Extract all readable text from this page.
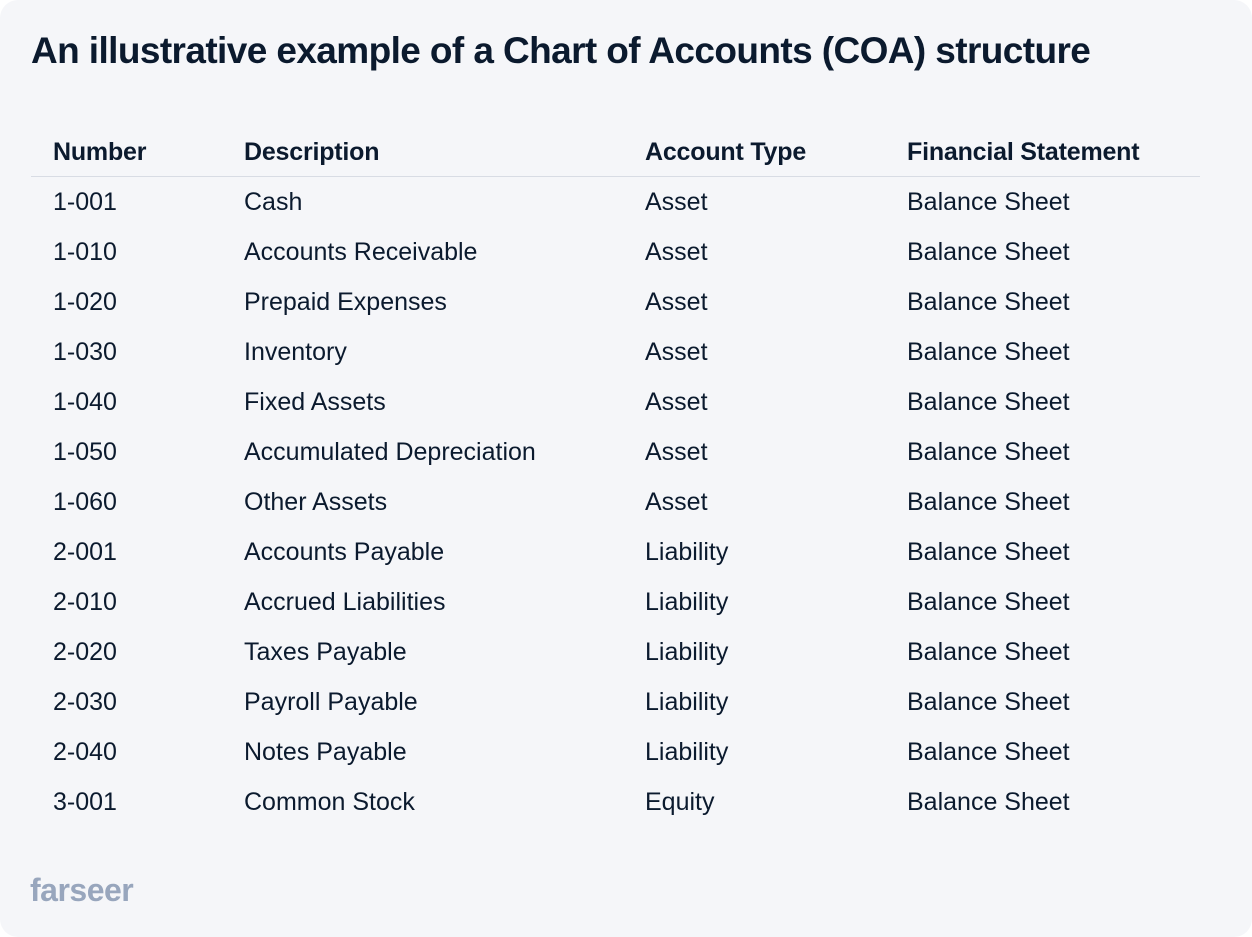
An illustrative example of a Chart of Accounts (COA) structure
Number	Description	Account Type	Financial Statement
1-001	Cash	Asset	Balance Sheet
1-010	Accounts Receivable	Asset	Balance Sheet
1-020	Prepaid Expenses	Asset	Balance Sheet
1-030	Inventory	Asset	Balance Sheet
1-040	Fixed Assets	Asset	Balance Sheet
1-050	Accumulated Depreciation	Asset	Balance Sheet
1-060	Other Assets	Asset	Balance Sheet
2-001	Accounts Payable	Liability	Balance Sheet
2-010	Accrued Liabilities	Liability	Balance Sheet
2-020	Taxes Payable	Liability	Balance Sheet
2-030	Payroll Payable	Liability	Balance Sheet
2-040	Notes Payable	Liability	Balance Sheet
3-001	Common Stock	Equity	Balance Sheet
farseer
